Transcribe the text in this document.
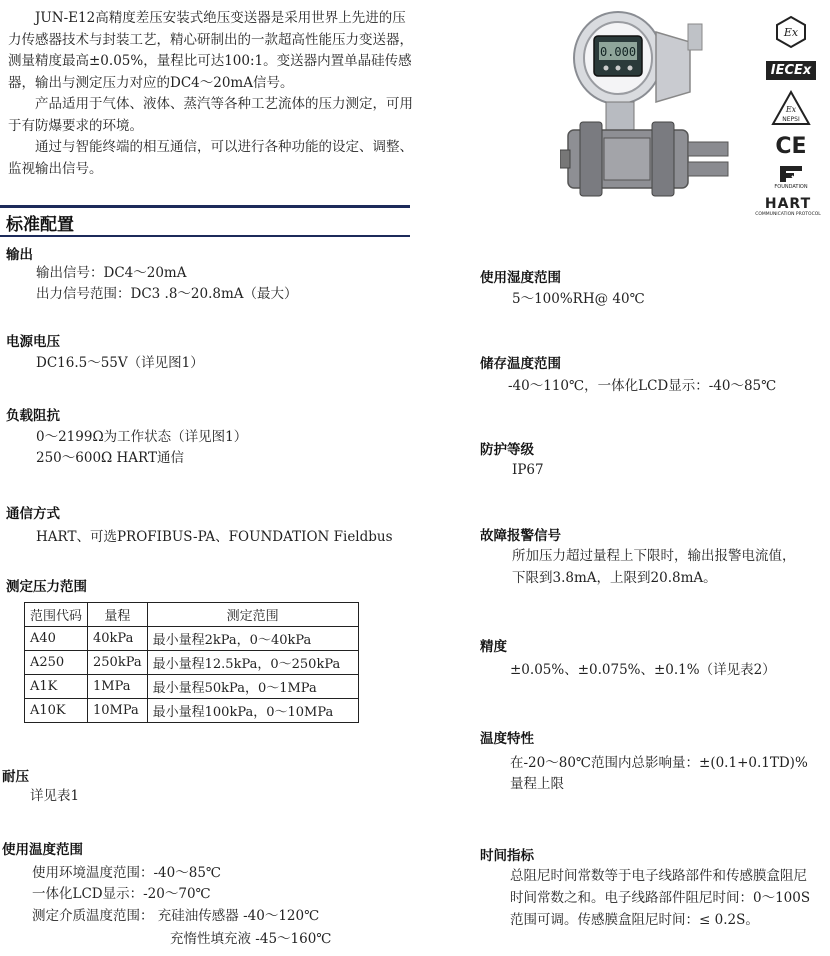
JUN-E12高精度差压安装式绝压变送器是采用世界上先进的压力传感器技术与封装工艺，精心研制出的一款超高性能压力变送器，测量精度最高±0.05%，量程比可达100:1。变送器内置单晶硅传感器，输出与测定压力对应的DC4～20mA信号。

产品适用于气体、液体、蒸汽等各种工艺流体的压力测定，可用于有防爆要求的环境。

通过与智能终端的相互通信，可以进行各种功能的设定、调整、监视输出信号。

0.000
Ex
IECEx
Ex
NEPSI
CE
FOUNDATION
HART
COMMUNICATION PROTOCOL
标准配置
输出
输出信号：DC4～20mA
出力信号范围：DC3 .8～20.8mA（最大）
电源电压
DC16.5～55V（详见图1）
负载阻抗
0～2199Ω为工作状态（详见图1）
250～600Ω HART通信
通信方式
HART、可选PROFIBUS-PA、FOUNDATION Fieldbus
测定压力范围
范围代码	量程	测定范围
A40	40kPa	最小量程2kPa，0～40kPa
A250	250kPa	最小量程12.5kPa，0～250kPa
A1K	1MPa	最小量程50kPa，0～1MPa
A10K	10MPa	最小量程100kPa，0～10MPa
耐压
详见表1
使用温度范围
使用环境温度范围：-40～85℃
一体化LCD显示：-20～70℃
测定介质温度范围： 充硅油传感器 -40～120℃
充惰性填充液 -45～160℃
使用湿度范围
5～100%RH@ 40℃
储存温度范围
-40～110℃，一体化LCD显示：-40～85℃
防护等级
IP67
故障报警信号
所加压力超过量程上下限时，输出报警电流值，
下限到3.8mA，上限到20.8mA。
精度
±0.05%、±0.075%、±0.1%（详见表2）
温度特性
在-20～80℃范围内总影响量：±(0.1+0.1TD)%
量程上限
时间指标
总阻尼时间常数等于电子线路部件和传感膜盒阻尼
时间常数之和。电子线路部件阻尼时间：0～100S
范围可调。传感膜盒阻尼时间：≤ 0.2S。
